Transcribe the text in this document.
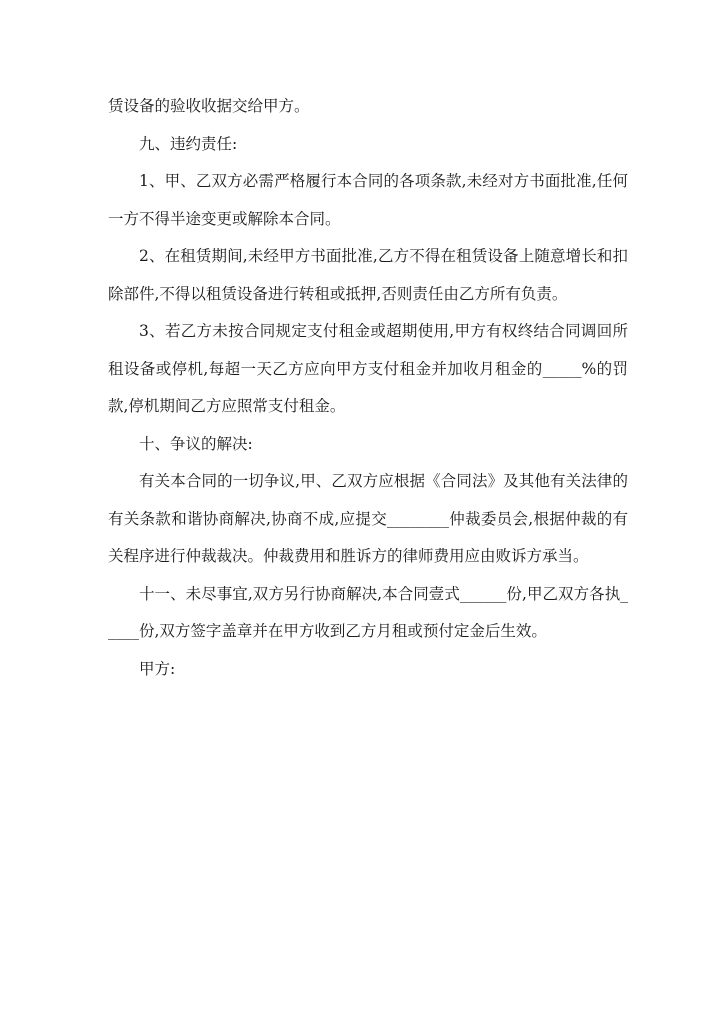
赁设备的验收收据交给甲方。

九、违约责任:

1、甲、乙双方必需严格履行本合同的各项条款,未经对方书面批准,任何一方不得半途变更或解除本合同。

2、在租赁期间,未经甲方书面批准,乙方不得在租赁设备上随意增长和扣除部件,不得以租赁设备进行转租或抵押,否则责任由乙方所有负责。

3、若乙方未按合同规定支付租金或超期使用,甲方有权终结合同调回所租设备或停机,每超一天乙方应向甲方支付租金并加收月租金的_____%的罚款,停机期间乙方应照常支付租金。

十、争议的解决:

有关本合同的一切争议,甲、乙双方应根据《合同法》及其他有关法律的有关条款和谐协商解决,协商不成,应提交________仲裁委员会,根据仲裁的有关程序进行仲裁裁决。仲裁费用和胜诉方的律师费用应由败诉方承当。

十一、未尽事宜,双方另行协商解决,本合同壹式______份,甲乙双方各执_____份,双方签字盖章并在甲方收到乙方月租或预付定金后生效。

甲方:
